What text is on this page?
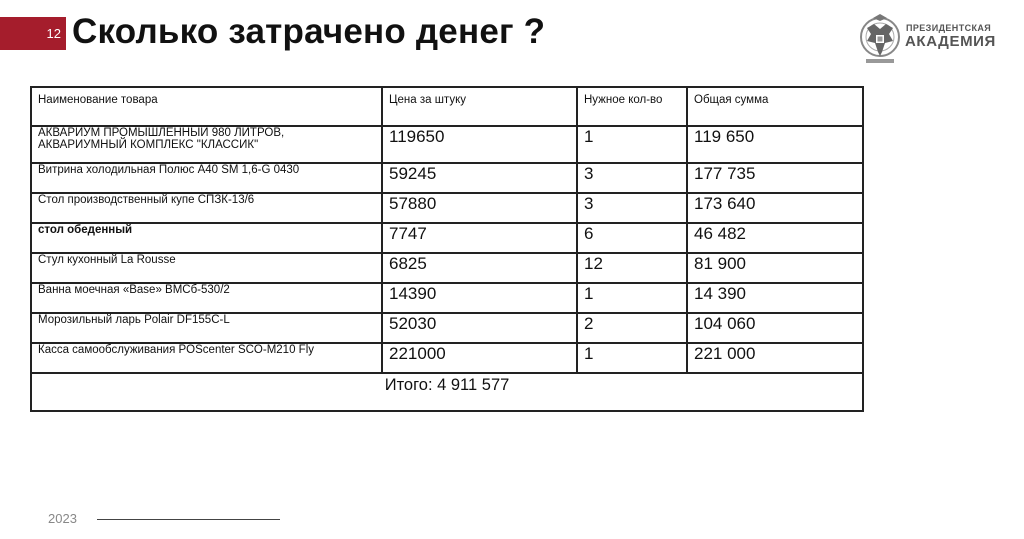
12 Сколько затрачено денег ?	ПРЕЗИДЕНТСКАЯ
АКАДЕМИЯ
Наименование товара	Цена за штуку	Нужное кол-во	Общая сумма

АКВАРИУМ ПРОМЫШЛЕННЫЙ 980 ЛИТРОВ,
АКВАРИУМНЫЙ КОМПЛЕКС "КЛАССИК"	119650	1	119 650
Витрина холодильная Полюс А40 SM 1,6-G 0430	59245	3	177 735
Стол производственный купе СПЗК-13/6	57880	3	173 640
стол обеденный	7747	6	46 482
Стул кухонный La Rousse	6825	12	81 900
Ванна моечная «Base» ВМСб-530/2	14390	1	14 390
Морозильный ларь Polair DF155C-L	52030	2	104 060
Касса самообслуживания POScenter SCO-M210 Fly	221000	1	221 000
Итого: 4 911 577			
2023
